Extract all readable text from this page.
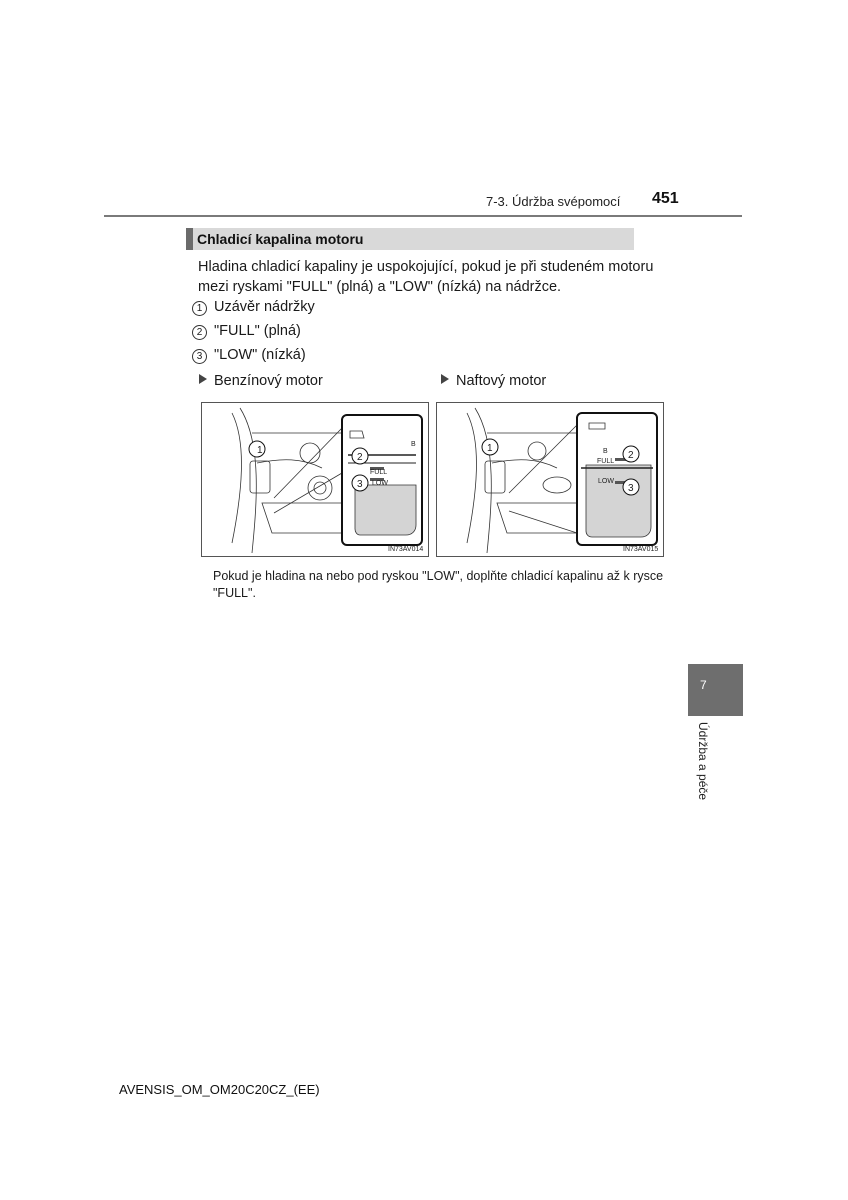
7-3. Údržba svépomocí 451
Chladicí kapalina motoru
Hladina chladicí kapaliny je uspokojující, pokud je při studeném motoru mezi ryskami "FULL" (plná) a "LOW" (nízká) na nádržce.
1 Uzávěr nádržky
2 "FULL" (plná)
3 "LOW" (nízká)
Benzínový motor	Naftový motor
1
2
3
B
FULL
LOW
IN73AV014
1
2
3
B
FULL
LOW
IN73AV015
Pokud je hladina na nebo pod ryskou "LOW", doplňte chladicí kapalinu až k rysce "FULL".
7
Údržba a péče
AVENSIS_OM_OM20C20CZ_(EE)
